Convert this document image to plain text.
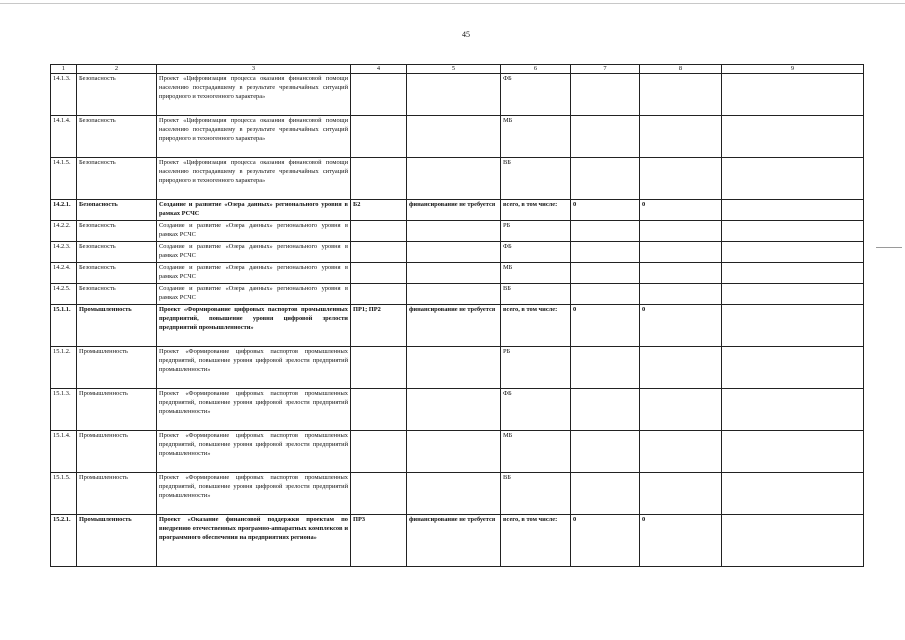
45
1	2	3	4	5	6	7	8	9
14.1.3.	Безопасность	Проект «Цифровизация процесса оказания финансовой помощи населению пострадавшему в результате чрезвычайных ситуаций природного и техногенного характера»			ФБ			
14.1.4.	Безопасность	Проект «Цифровизация процесса оказания финансовой помощи населению пострадавшему в результате чрезвычайных ситуаций природного и техногенного характера»			МБ			
14.1.5.	Безопасность	Проект «Цифровизация процесса оказания финансовой помощи населению пострадавшему в результате чрезвычайных ситуаций природного и техногенного характера»			ВБ			
14.2.1.	Безопасность	Создание и развитие «Озера данных» регионального уровня в рамках РСЧС	Б2	финансирование не требуется	всего, в том числе:	0	0	
14.2.2.	Безопасность	Создание и развитие «Озера данных» регионального уровня в рамках РСЧС			РБ			
14.2.3.	Безопасность	Создание и развитие «Озера данных» регионального уровня в рамках РСЧС			ФБ			
14.2.4.	Безопасность	Создание и развитие «Озера данных» регионального уровня в рамках РСЧС			МБ			
14.2.5.	Безопасность	Создание и развитие «Озера данных» регионального уровня в рамках РСЧС			ВБ			
15.1.1.	Промышленность	Проект «Формирование цифровых паспортов промышленных предприятий, повышение уровня цифровой зрелости предприятий промышленности»	ПР1; ПР2	финансирование не требуется	всего, в том числе:	0	0	
15.1.2.	Промышленность	Проект «Формирование цифровых паспортов промышленных предприятий, повышение уровня цифровой зрелости предприятий промышленности»			РБ			
15.1.3.	Промышленность	Проект «Формирование цифровых паспортов промышленных предприятий, повышение уровня цифровой зрелости предприятий промышленности»			ФБ			
15.1.4.	Промышленность	Проект «Формирование цифровых паспортов промышленных предприятий, повышение уровня цифровой зрелости предприятий промышленности»			МБ			
15.1.5.	Промышленность	Проект «Формирование цифровых паспортов промышленных предприятий, повышение уровня цифровой зрелости предприятий промышленности»			ВБ			
15.2.1.	Промышленность	Проект «Оказание финансовой поддержки проектам по внедрению отечественных програмно-аппаратных комплексов и программного обеспечения на предприятиях региона»	ПР3	финансирование не требуется	всего, в том числе:	0	0	
